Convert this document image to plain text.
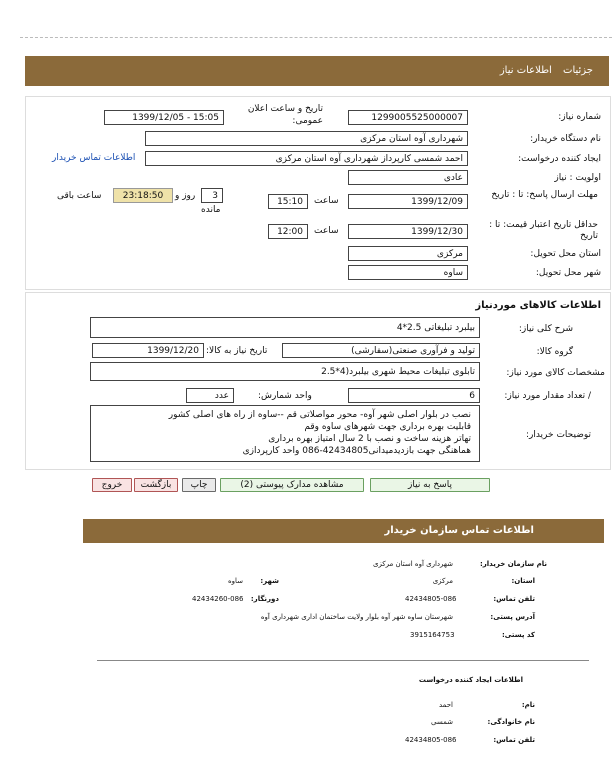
جزئیات اطلاعات نیاز
شماره نیاز:
1299005525000007
تاریخ و ساعت اعلان عمومی:
1399/12/05 - 15:05
نام دستگاه خریدار:
شهرداری آوه استان مرکزی
ایجاد کننده درخواست:
احمد شمسی کارپرداز شهرداری آوه استان مرکزی
اطلاعات تماس خریدار
اولویت : نیاز
عادی
مهلت ارسال پاسخ: تا : تاریخ
1399/12/09
ساعت
15:10
3
روز و
مانده
23:18:50
ساعت باقی
حداقل تاریخ اعتبار قیمت: تا : تاریخ
1399/12/30
ساعت
12:00
استان محل تحویل:
مرکزی
شهر محل تحویل:
ساوه
اطلاعات کالاهای موردنیاز
شرح کلی نیاز:
بیلبرد تبلیغاتی 2.5*4
گروه کالا:
تولید و فرآوری صنعتی(سفارشی)
تاریخ نیاز به کالا:
1399/12/20
مشخصات کالای مورد نیاز:
تابلوی تبلیغات محیط شهری بیلبرد(4*2.5
/ تعداد مقدار مورد نیاز:
6
واحد شمارش:
عدد
توضیحات خریدار:
نصب در بلوار اصلی شهر آوه- محور مواصلاتی قم --ساوه از راه های اصلی کشور
قابلیت بهره برداری جهت شهرهای ساوه وقم
تهاتر هزینه ساخت و نصب با 2 سال امتیاز بهره برداری
هماهنگی جهت بازدیدمیدانی42434805-086 واحد کارپردازی
پاسخ به نیاز
مشاهده مدارک پیوستی (2)
چاپ
بازگشت
خروج
اطلاعات تماس سازمان خریدار
نام سازمان خریدار:
شهرداری آوه استان مرکزی
استان:
مرکزی
شهر:
ساوه
تلفن تماس:
42434805-086
دورنگار:
42434260-086
آدرس پستی:
شهرستان ساوه شهر آوه بلوار ولایت ساختمان اداری شهرداری آوه
کد پستی:
3915164753
اطلاعات ایجاد کننده درخواست
نام:
احمد
نام خانوادگی:
شمسی
تلفن تماس:
42434805-086
